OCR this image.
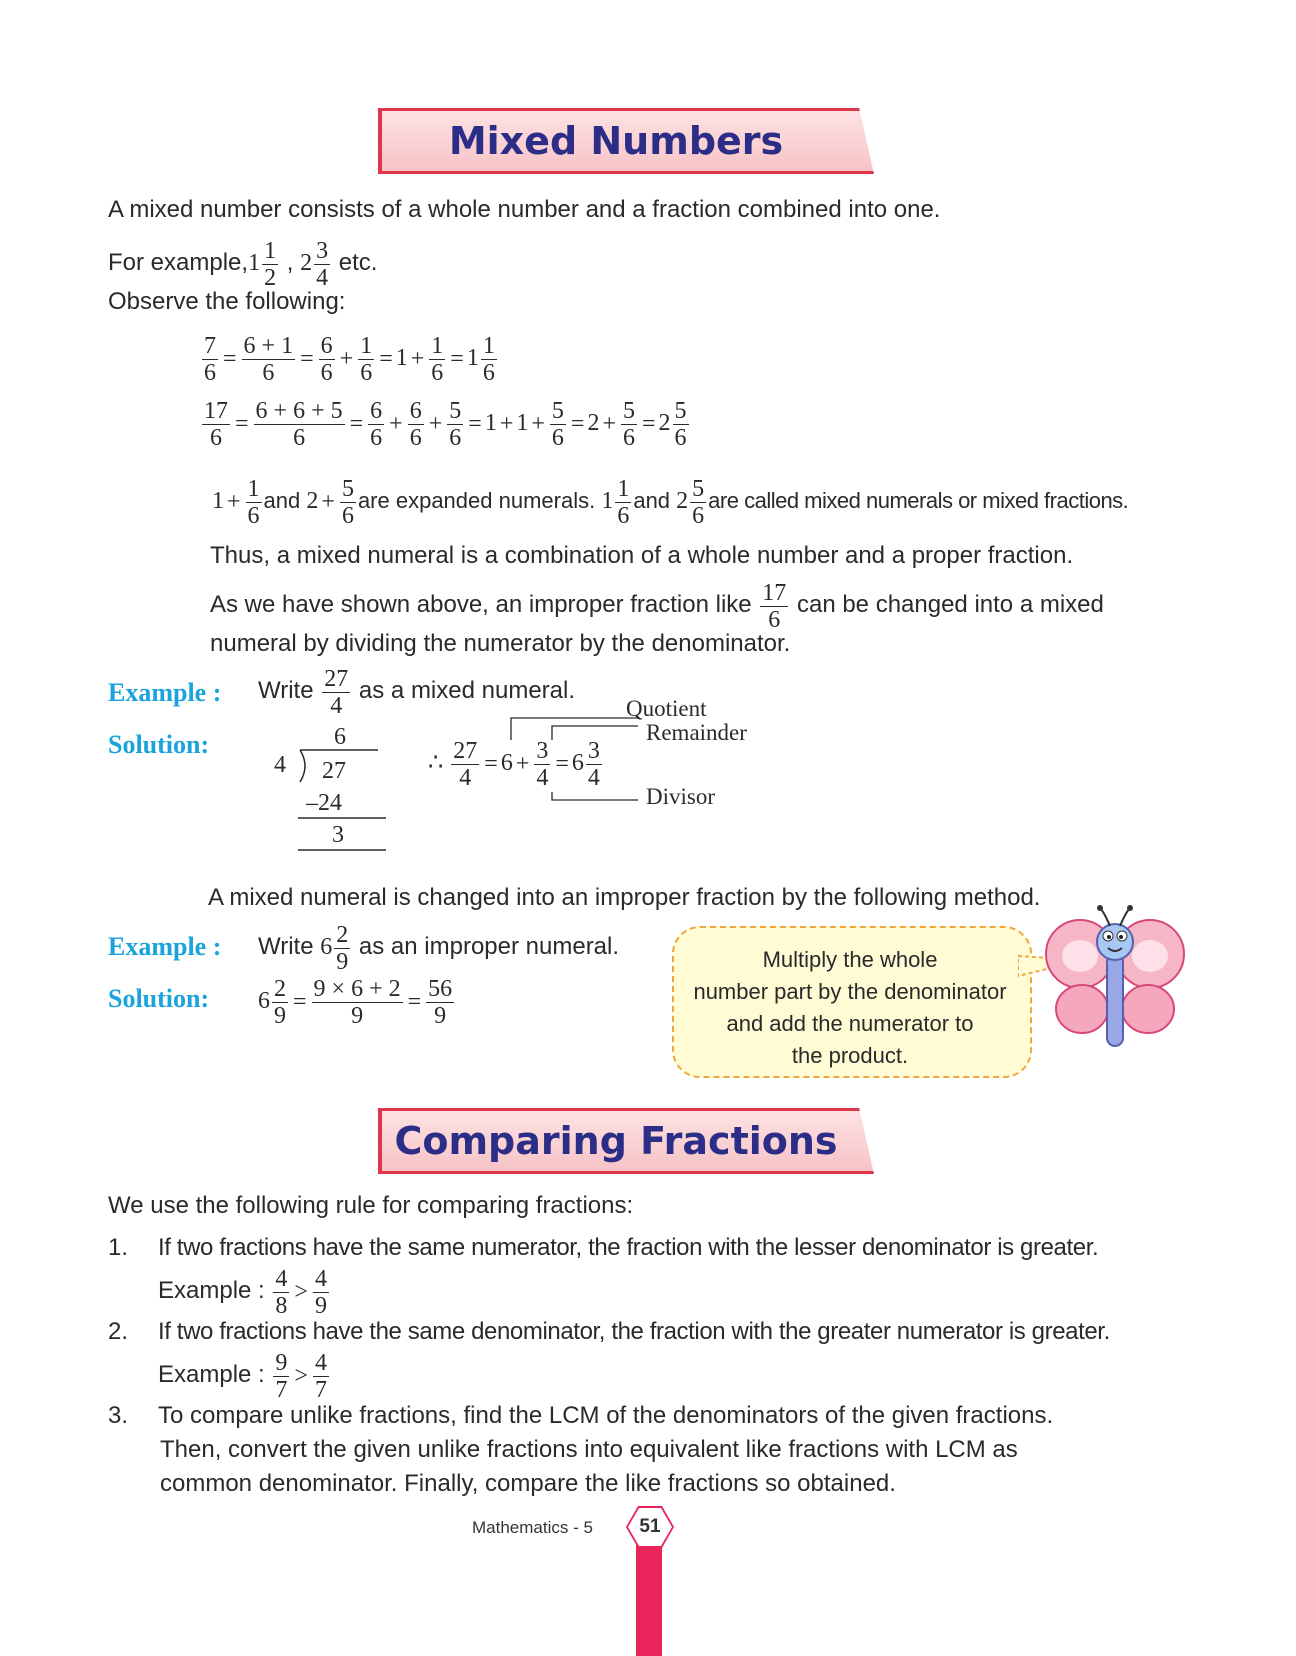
Mixed Numbers
A mixed number consists of a whole number and a fraction combined into one.
For example,1 $\frac{1}{2}$ , $2 \frac{3}{4}$ etc.
Observe the following:
$\frac{7}{6} = \frac{6 + 1}{6} = \frac{6}{6} + \frac{1}{6} = 1 + \frac{1}{6} = 1 \frac{1}{6}$
$\frac{17}{6} = \frac{6 + 6 + 5}{6} = \frac{6}{6} + \frac{6}{6} + \frac{5}{6} = 1 + 1 + \frac{5}{6} = 2 + \frac{5}{6} = 2 \frac{5}{6}$
$1 + \frac{1}{6}$ and $2 + \frac{5}{6}$ are expanded numerals. $1 \frac{1}{6}$ and $2 \frac{5}{6}$ are called mixed numerals or mixed fractions.
Thus, a mixed numeral is a combination of a whole number and a proper fraction.
As we have shown above, an improper fraction like $\frac{17}{6}$ can be changed into a mixed
numeral by dividing the numerator by the denominator.
Example : Write $\frac{27}{4}$ as a mixed numeral.
Solution:	6
4 27
–24
3
∴ $\frac{27}{4} = 6 + \frac{3}{4} = 6 \frac{3}{4}$
Quotient
Remainder
Divisor
A mixed numeral is changed into an improper fraction by the following method.
Example : Write $6 \frac{2}{9}$ as an improper numeral.
Solution: $6 \frac{2}{9} = \frac{9 \times 6 + 2}{9} = \frac{56}{9}$
Multiply the whole
number part by the denominator
and add the numerator to
the product.
Comparing Fractions
We use the following rule for comparing fractions:
1. If two fractions have the same numerator, the fraction with the lesser denominator is greater.
Example : $\frac{4}{8} > \frac{4}{9}$
2. If two fractions have the same denominator, the fraction with the greater numerator is greater.
Example : $\frac{9}{7} > \frac{4}{7}$
3. To compare unlike fractions, find the LCM of the denominators of the given fractions.
Then, convert the given unlike fractions into equivalent like fractions with LCM as
common denominator. Finally, compare the like fractions so obtained.
51
Mathematics - 5
